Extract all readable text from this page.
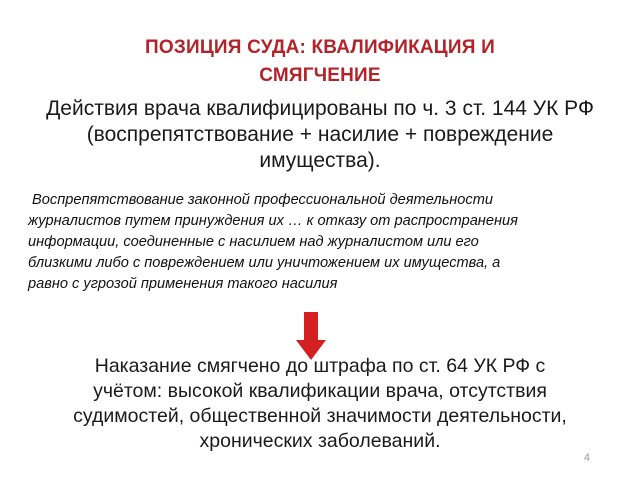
ПОЗИЦИЯ СУДА: КВАЛИФИКАЦИЯ И
СМЯГЧЕНИЕ
Действия врача квалифицированы по ч. 3 ст. 144 УК РФ
(воспрепятствование + насилие + повреждение
имущества).
Воспрепятствование законной профессиональной деятельности
журналистов путем принуждения их … к отказу от распространения
информации, соединенные с насилием над журналистом или его
близкими либо с повреждением или уничтожением их имущества, а
равно с угрозой применения такого насилия
Наказание смягчено до штрафа по ст. 64 УК РФ с
учётом: высокой квалификации врача, отсутствия
судимостей, общественной значимости деятельности,
хронических заболеваний.
4
